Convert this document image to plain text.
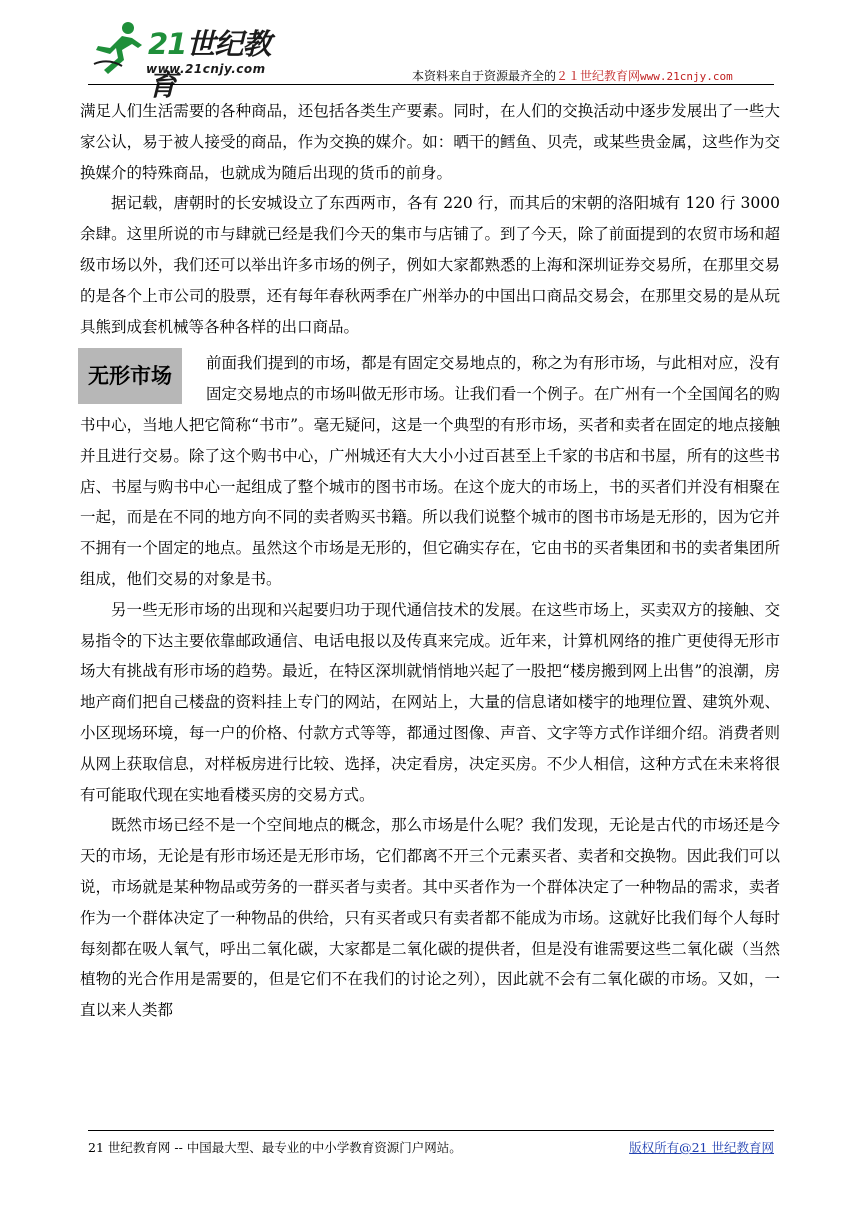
21世纪教育
www.21cnjy.com	本资料来自于资源最齐全的２１世纪教育网www.21cnjy.com

满足人们生活需要的各种商品，还包括各类生产要素。同时，在人们的交换活动中逐步发展出了一些大家公认，易于被人接受的商品，作为交换的媒介。如：晒干的鳕鱼、贝壳，或某些贵金属，这些作为交换媒介的特殊商品，也就成为随后出现的货币的前身。

据记载，唐朝时的长安城设立了东西两市，各有 220 行，而其后的宋朝的洛阳城有 120 行 3000 余肆。这里所说的市与肆就已经是我们今天的集市与店铺了。到了今天，除了前面提到的农贸市场和超级市场以外，我们还可以举出许多市场的例子，例如大家都熟悉的上海和深圳证券交易所，在那里交易的是各个上市公司的股票，还有每年春秋两季在广州举办的中国出口商品交易会，在那里交易的是从玩具熊到成套机械等各种各样的出口商品。

无形市场
前面我们提到的市场，都是有固定交易地点的，称之为有形市场，与此相对应，没有固定交易地点的市场叫做无形市场。让我们看一个例子。在广州有一个全国闻名的购书中心，当地人把它简称“书市”。毫无疑问，这是一个典型的有形市场，买者和卖者在固定的地点接触并且进行交易。除了这个购书中心，广州城还有大大小小过百甚至上千家的书店和书屋，所有的这些书店、书屋与购书中心一起组成了整个城市的图书市场。在这个庞大的市场上，书的买者们并没有相聚在一起，而是在不同的地方向不同的卖者购买书籍。所以我们说整个城市的图书市场是无形的，因为它并不拥有一个固定的地点。虽然这个市场是无形的，但它确实存在，它由书的买者集团和书的卖者集团所组成，他们交易的对象是书。

另一些无形市场的出现和兴起要归功于现代通信技术的发展。在这些市场上，买卖双方的接触、交易指令的下达主要依靠邮政通信、电话电报以及传真来完成。近年来，计算机网络的推广更使得无形市场大有挑战有形市场的趋势。最近，在特区深圳就悄悄地兴起了一股把“楼房搬到网上出售”的浪潮，房地产商们把自己楼盘的资料挂上专门的网站，在网站上，大量的信息诸如楼宇的地理位置、建筑外观、小区现场环境，每一户的价格、付款方式等等，都通过图像、声音、文字等方式作详细介绍。消费者则从网上获取信息，对样板房进行比较、选择，决定看房，决定买房。不少人相信，这种方式在未来将很有可能取代现在实地看楼买房的交易方式。

既然市场已经不是一个空间地点的概念，那么市场是什么呢？我们发现，无论是古代的市场还是今天的市场，无论是有形市场还是无形市场，它们都离不开三个元素买者、卖者和交换物。因此我们可以说，市场就是某种物品或劳务的一群买者与卖者。其中买者作为一个群体决定了一种物品的需求，卖者作为一个群体决定了一种物品的供给，只有买者或只有卖者都不能成为市场。这就好比我们每个人每时每刻都在吸人氧气，呼出二氧化碳，大家都是二氧化碳的提供者，但是没有谁需要这些二氧化碳（当然植物的光合作用是需要的，但是它们不在我们的讨论之列），因此就不会有二氧化碳的市场。又如，一直以来人类都

21 世纪教育网 -- 中国最大型、最专业的中小学教育资源门户网站。	版权所有@21 世纪教育网
